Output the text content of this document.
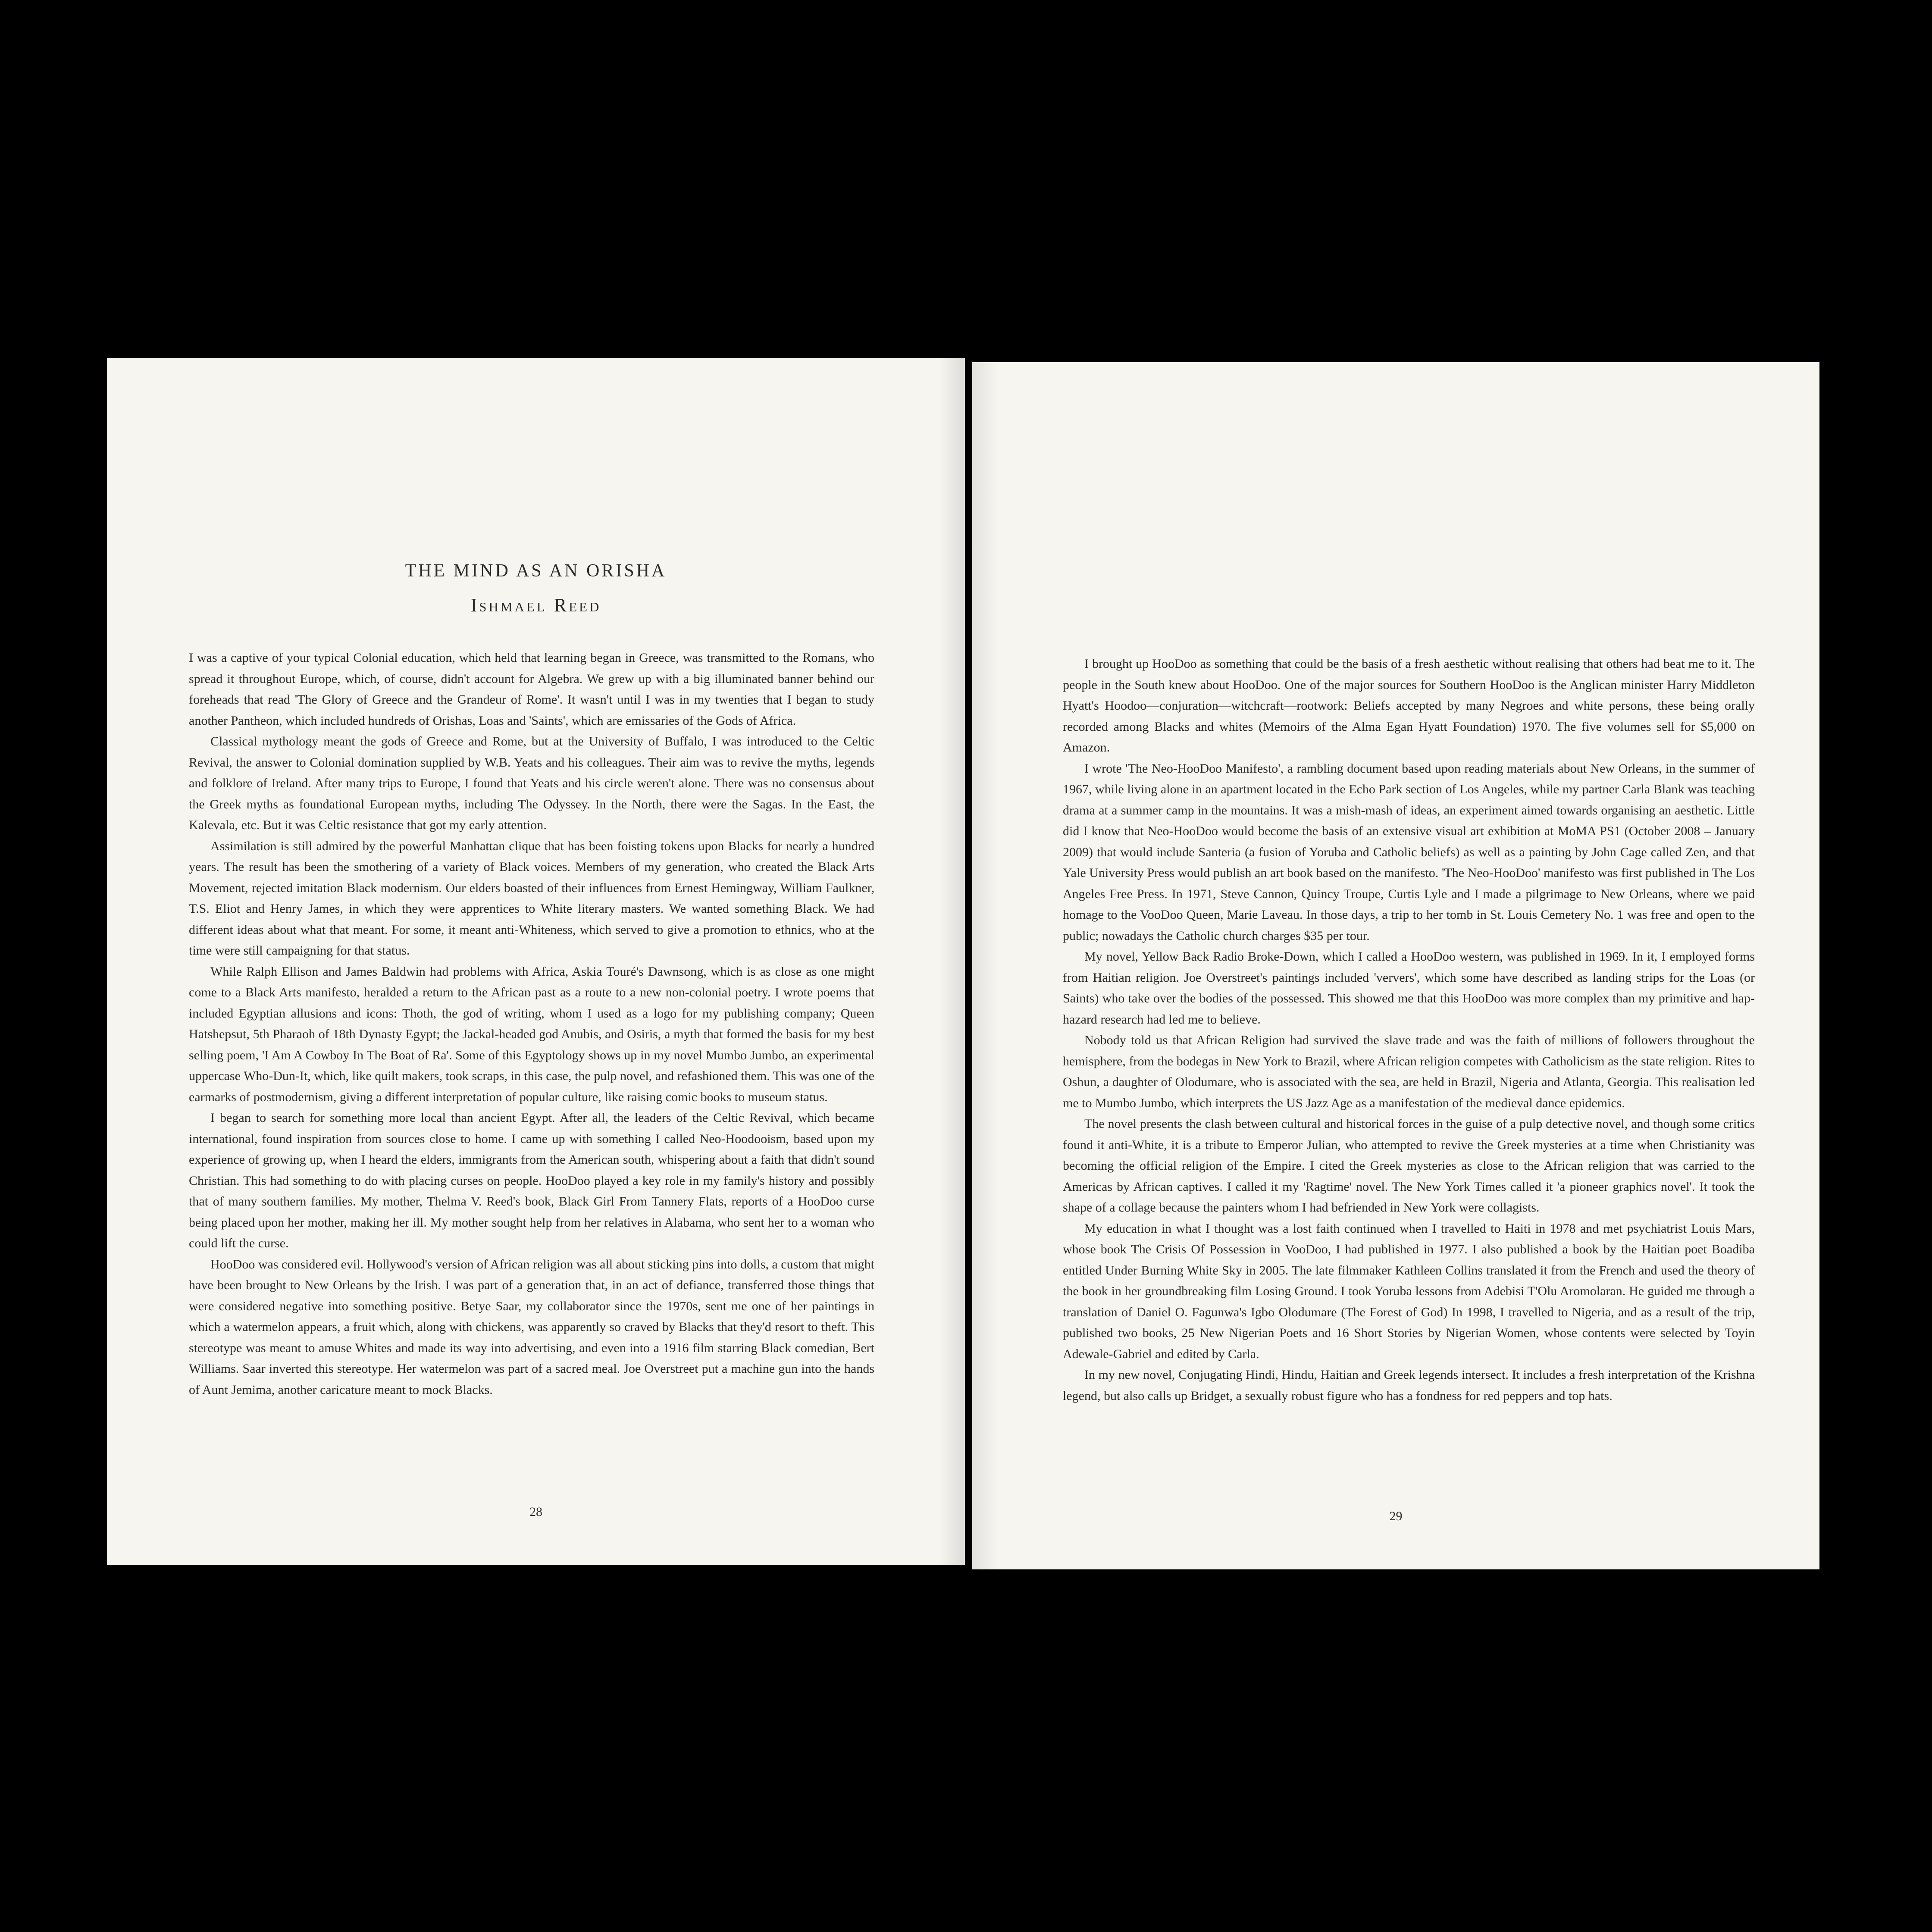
THE MIND AS AN ORISHA
Ishmael Reed

I was a captive of your typical Colonial education, which held that learning began in Greece, was transmitted to the Romans, who spread it throughout Europe, which, of course, didn't account for Algebra. We grew up with a big illuminated banner behind our foreheads that read 'The Glory of Greece and the Grandeur of Rome'. It wasn't until I was in my twenties that I began to study another Pantheon, which included hundreds of Orishas, Loas and 'Saints', which are emissaries of the Gods of Africa.

Classical mythology meant the gods of Greece and Rome, but at the University of Buffalo, I was introduced to the Celtic Revival, the answer to Colonial domination supplied by W.B. Yeats and his colleagues. Their aim was to revive the myths, legends and folklore of Ireland. After many trips to Europe, I found that Yeats and his circle weren't alone. There was no consensus about the Greek myths as foundational European myths, including The Odyssey. In the North, there were the Sagas. In the East, the Kalevala, etc. But it was Celtic resistance that got my early attention.

Assimilation is still admired by the powerful Manhattan clique that has been foisting tokens upon Blacks for nearly a hundred years. The result has been the smothering of a variety of Black voices. Members of my generation, who created the Black Arts Movement, rejected imitation Black modernism. Our elders boasted of their influences from Ernest Hemingway, William Faulkner, T.S. Eliot and Henry James, in which they were apprentices to White literary masters. We wanted something Black. We had different ideas about what that meant. For some, it meant anti-Whiteness, which served to give a promotion to ethnics, who at the time were still campaigning for that status.

While Ralph Ellison and James Baldwin had problems with Africa, Askia Touré's Dawnsong, which is as close as one might come to a Black Arts manifesto, heralded a return to the African past as a route to a new non-colonial poetry. I wrote poems that included Egyptian allusions and icons: Thoth, the god of writing, whom I used as a logo for my publishing company; Queen Hatshepsut, 5th Pharaoh of 18th Dynasty Egypt; the Jackal-headed god Anubis, and Osiris, a myth that formed the basis for my best selling poem, 'I Am A Cowboy In The Boat of Ra'. Some of this Egyptology shows up in my novel Mumbo Jumbo, an experimental uppercase Who-Dun-It, which, like quilt makers, took scraps, in this case, the pulp novel, and refashioned them. This was one of the earmarks of postmodernism, giving a different interpretation of popular culture, like raising comic books to museum status.

I began to search for something more local than ancient Egypt. After all, the leaders of the Celtic Revival, which became international, found inspiration from sources close to home. I came up with something I called Neo-Hoodooism, based upon my experience of growing up, when I heard the elders, immigrants from the American south, whispering about a faith that didn't sound Christian. This had something to do with placing curses on people. HooDoo played a key role in my family's history and possibly that of many southern families. My mother, Thelma V. Reed's book, Black Girl From Tannery Flats, reports of a HooDoo curse being placed upon her mother, making her ill. My mother sought help from her relatives in Alabama, who sent her to a woman who could lift the curse.

HooDoo was considered evil. Hollywood's version of African religion was all about sticking pins into dolls, a custom that might have been brought to New Orleans by the Irish. I was part of a generation that, in an act of defiance, transferred those things that were considered negative into something positive. Betye Saar, my collaborator since the 1970s, sent me one of her paintings in which a watermelon appears, a fruit which, along with chickens, was apparently so craved by Blacks that they'd resort to theft. This stereotype was meant to amuse Whites and made its way into advertising, and even into a 1916 film starring Black comedian, Bert Williams. Saar inverted this stereotype. Her watermelon was part of a sacred meal. Joe Overstreet put a machine gun into the hands of Aunt Jemima, another caricature meant to mock Blacks.

28

I brought up HooDoo as something that could be the basis of a fresh aesthetic without realising that others had beat me to it. The people in the South knew about HooDoo. One of the major sources for Southern HooDoo is the Anglican minister Harry Middleton Hyatt's Hoodoo—conjuration—witchcraft—rootwork: Beliefs accepted by many Negroes and white persons, these being orally recorded among Blacks and whites (Memoirs of the Alma Egan Hyatt Foundation) 1970. The five volumes sell for $5,000 on Amazon.

I wrote 'The Neo-HooDoo Manifesto', a rambling document based upon reading materials about New Orleans, in the summer of 1967, while living alone in an apartment located in the Echo Park section of Los Angeles, while my partner Carla Blank was teaching drama at a summer camp in the mountains. It was a mish-mash of ideas, an experiment aimed towards organising an aesthetic. Little did I know that Neo-HooDoo would become the basis of an extensive visual art exhibition at MoMA PS1 (October 2008 – January 2009) that would include Santeria (a fusion of Yoruba and Catholic beliefs) as well as a painting by John Cage called Zen, and that Yale University Press would publish an art book based on the manifesto. 'The Neo-HooDoo' manifesto was first published in The Los Angeles Free Press. In 1971, Steve Cannon, Quincy Troupe, Curtis Lyle and I made a pilgrimage to New Orleans, where we paid homage to the VooDoo Queen, Marie Laveau. In those days, a trip to her tomb in St. Louis Cemetery No. 1 was free and open to the public; nowadays the Catholic church charges $35 per tour.

My novel, Yellow Back Radio Broke-Down, which I called a HooDoo western, was published in 1969. In it, I employed forms from Haitian religion. Joe Overstreet's paintings included 'ververs', which some have described as landing strips for the Loas (or Saints) who take over the bodies of the possessed. This showed me that this HooDoo was more complex than my primitive and hap-hazard research had led me to believe.

Nobody told us that African Religion had survived the slave trade and was the faith of millions of followers throughout the hemisphere, from the bodegas in New York to Brazil, where African religion competes with Catholicism as the state religion. Rites to Oshun, a daughter of Olodumare, who is associated with the sea, are held in Brazil, Nigeria and Atlanta, Georgia. This realisation led me to Mumbo Jumbo, which interprets the US Jazz Age as a manifestation of the medieval dance epidemics.

The novel presents the clash between cultural and historical forces in the guise of a pulp detective novel, and though some critics found it anti-White, it is a tribute to Emperor Julian, who attempted to revive the Greek mysteries at a time when Christianity was becoming the official religion of the Empire. I cited the Greek mysteries as close to the African religion that was carried to the Americas by African captives. I called it my 'Ragtime' novel. The New York Times called it 'a pioneer graphics novel'. It took the shape of a collage because the painters whom I had befriended in New York were collagists.

My education in what I thought was a lost faith continued when I travelled to Haiti in 1978 and met psychiatrist Louis Mars, whose book The Crisis Of Possession in VooDoo, I had published in 1977. I also published a book by the Haitian poet Boadiba entitled Under Burning White Sky in 2005. The late filmmaker Kathleen Collins translated it from the French and used the theory of the book in her groundbreaking film Losing Ground. I took Yoruba lessons from Adebisi T'Olu Aromolaran. He guided me through a translation of Daniel O. Fagunwa's Igbo Olodumare (The Forest of God) In 1998, I travelled to Nigeria, and as a result of the trip, published two books, 25 New Nigerian Poets and 16 Short Stories by Nigerian Women, whose contents were selected by Toyin Adewale-Gabriel and edited by Carla.

In my new novel, Conjugating Hindi, Hindu, Haitian and Greek legends intersect. It includes a fresh interpretation of the Krishna legend, but also calls up Bridget, a sexually robust figure who has a fondness for red peppers and top hats.

29
